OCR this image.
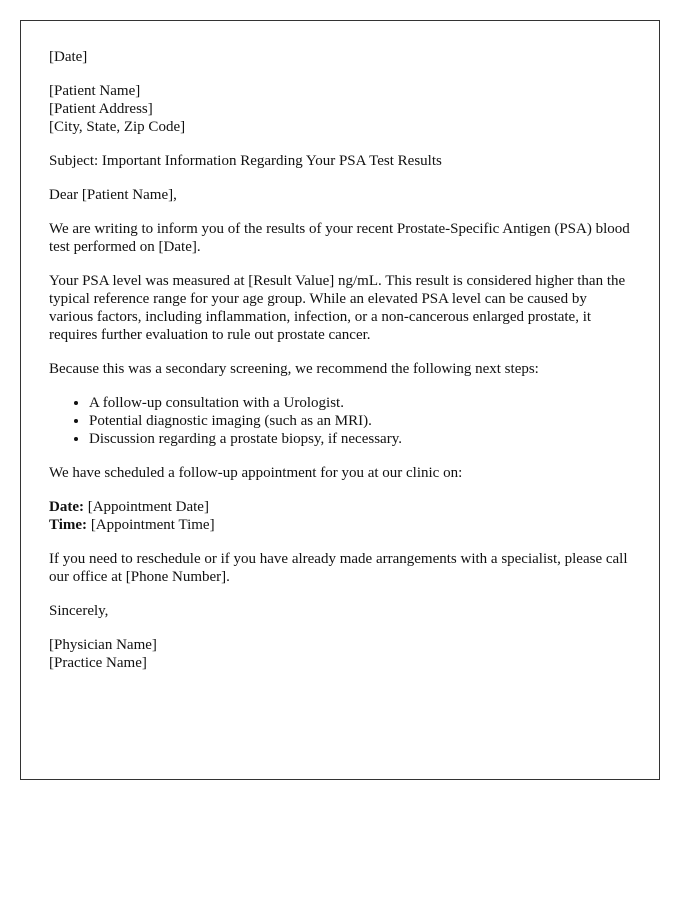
[Date]
[Patient Name]
[Patient Address]
[City, State, Zip Code]
Subject: Important Information Regarding Your PSA Test Results
Dear [Patient Name],
We are writing to inform you of the results of your recent Prostate-Specific Antigen (PSA) blood test performed on [Date].
Your PSA level was measured at [Result Value] ng/mL. This result is considered higher than the typical reference range for your age group. While an elevated PSA level can be caused by various factors, including inflammation, infection, or a non-cancerous enlarged prostate, it requires further evaluation to rule out prostate cancer.
Because this was a secondary screening, we recommend the following next steps:
• A follow-up consultation with a Urologist.
• Potential diagnostic imaging (such as an MRI).
• Discussion regarding a prostate biopsy, if necessary.
We have scheduled a follow-up appointment for you at our clinic on:
Date: [Appointment Date]
Time: [Appointment Time]
If you need to reschedule or if you have already made arrangements with a specialist, please call our office at [Phone Number].
Sincerely,
[Physician Name]
[Practice Name]
